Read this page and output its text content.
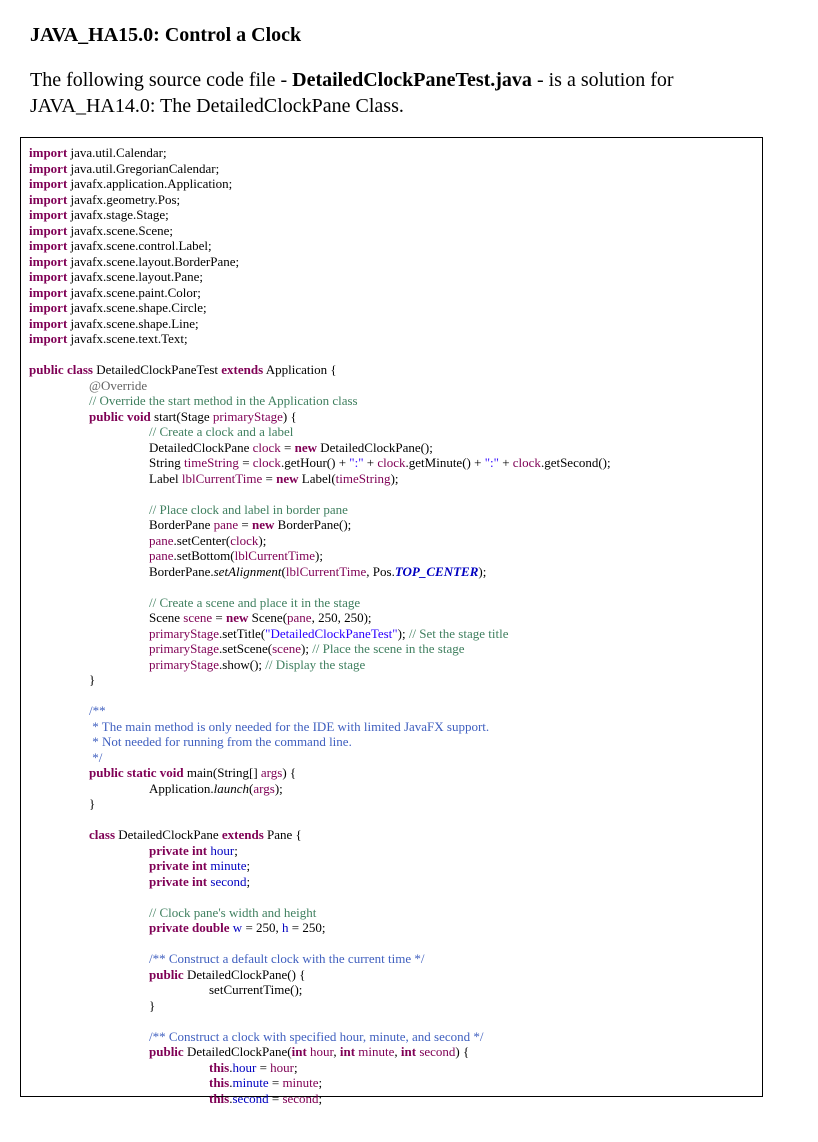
JAVA_HA15.0: Control a Clock

The following source code file - DetailedClockPaneTest.java - is a solution for JAVA_HA14.0: The DetailedClockPane Class.

import java.util.Calendar;
import java.util.GregorianCalendar;
import javafx.application.Application;
import javafx.geometry.Pos;
import javafx.stage.Stage;
import javafx.scene.Scene;
import javafx.scene.control.Label;
import javafx.scene.layout.BorderPane;
import javafx.scene.layout.Pane;
import javafx.scene.paint.Color;
import javafx.scene.shape.Circle;
import javafx.scene.shape.Line;
import javafx.scene.text.Text;

public class DetailedClockPaneTest extends Application {
@Override
// Override the start method in the Application class
public void start(Stage primaryStage) {
// Create a clock and a label
DetailedClockPane clock = new DetailedClockPane();
String timeString = clock.getHour() + ":" + clock.getMinute() + ":" + clock.getSecond();
Label lblCurrentTime = new Label(timeString);

// Place clock and label in border pane
BorderPane pane = new BorderPane();
pane.setCenter(clock);
pane.setBottom(lblCurrentTime);
BorderPane.setAlignment(lblCurrentTime, Pos.TOP_CENTER);

// Create a scene and place it in the stage
Scene scene = new Scene(pane, 250, 250);
primaryStage.setTitle("DetailedClockPaneTest"); // Set the stage title
primaryStage.setScene(scene); // Place the scene in the stage
primaryStage.show(); // Display the stage
}

/**
* The main method is only needed for the IDE with limited JavaFX support.
* Not needed for running from the command line.
*/
public static void main(String[] args) {
Application.launch(args);
}

class DetailedClockPane extends Pane {
private int hour;
private int minute;
private int second;

// Clock pane's width and height
private double w = 250, h = 250;

/** Construct a default clock with the current time */
public DetailedClockPane() {
setCurrentTime();
}

/** Construct a clock with specified hour, minute, and second */
public DetailedClockPane(int hour, int minute, int second) {
this.hour = hour;
this.minute = minute;
this.second = second;
